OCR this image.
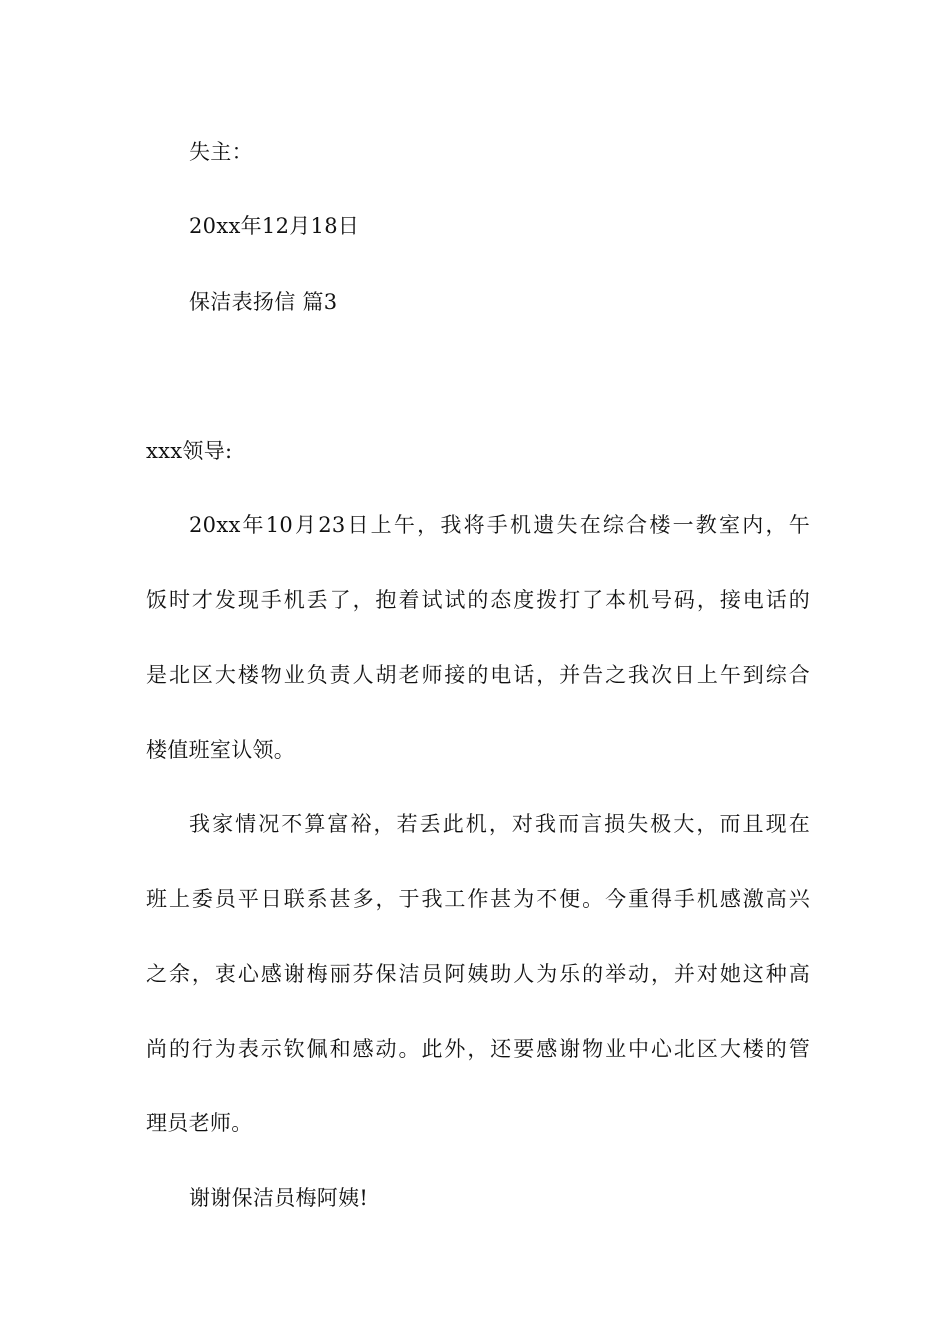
失主：
20xx年12月18日
保洁表扬信 篇3
xxx领导:
20xx年10月23日上午，我将手机遗失在综合楼一教室内，午
饭时才发现手机丢了，抱着试试的态度拨打了本机号码，接电话的
是北区大楼物业负责人胡老师接的电话，并告之我次日上午到综合
楼值班室认领。
我家情况不算富裕，若丢此机，对我而言损失极大，而且现在
班上委员平日联系甚多，于我工作甚为不便。今重得手机感激高兴
之余，衷心感谢梅丽芬保洁员阿姨助人为乐的举动，并对她这种高
尚的行为表示钦佩和感动。此外，还要感谢物业中心北区大楼的管
理员老师。
谢谢保洁员梅阿姨!
